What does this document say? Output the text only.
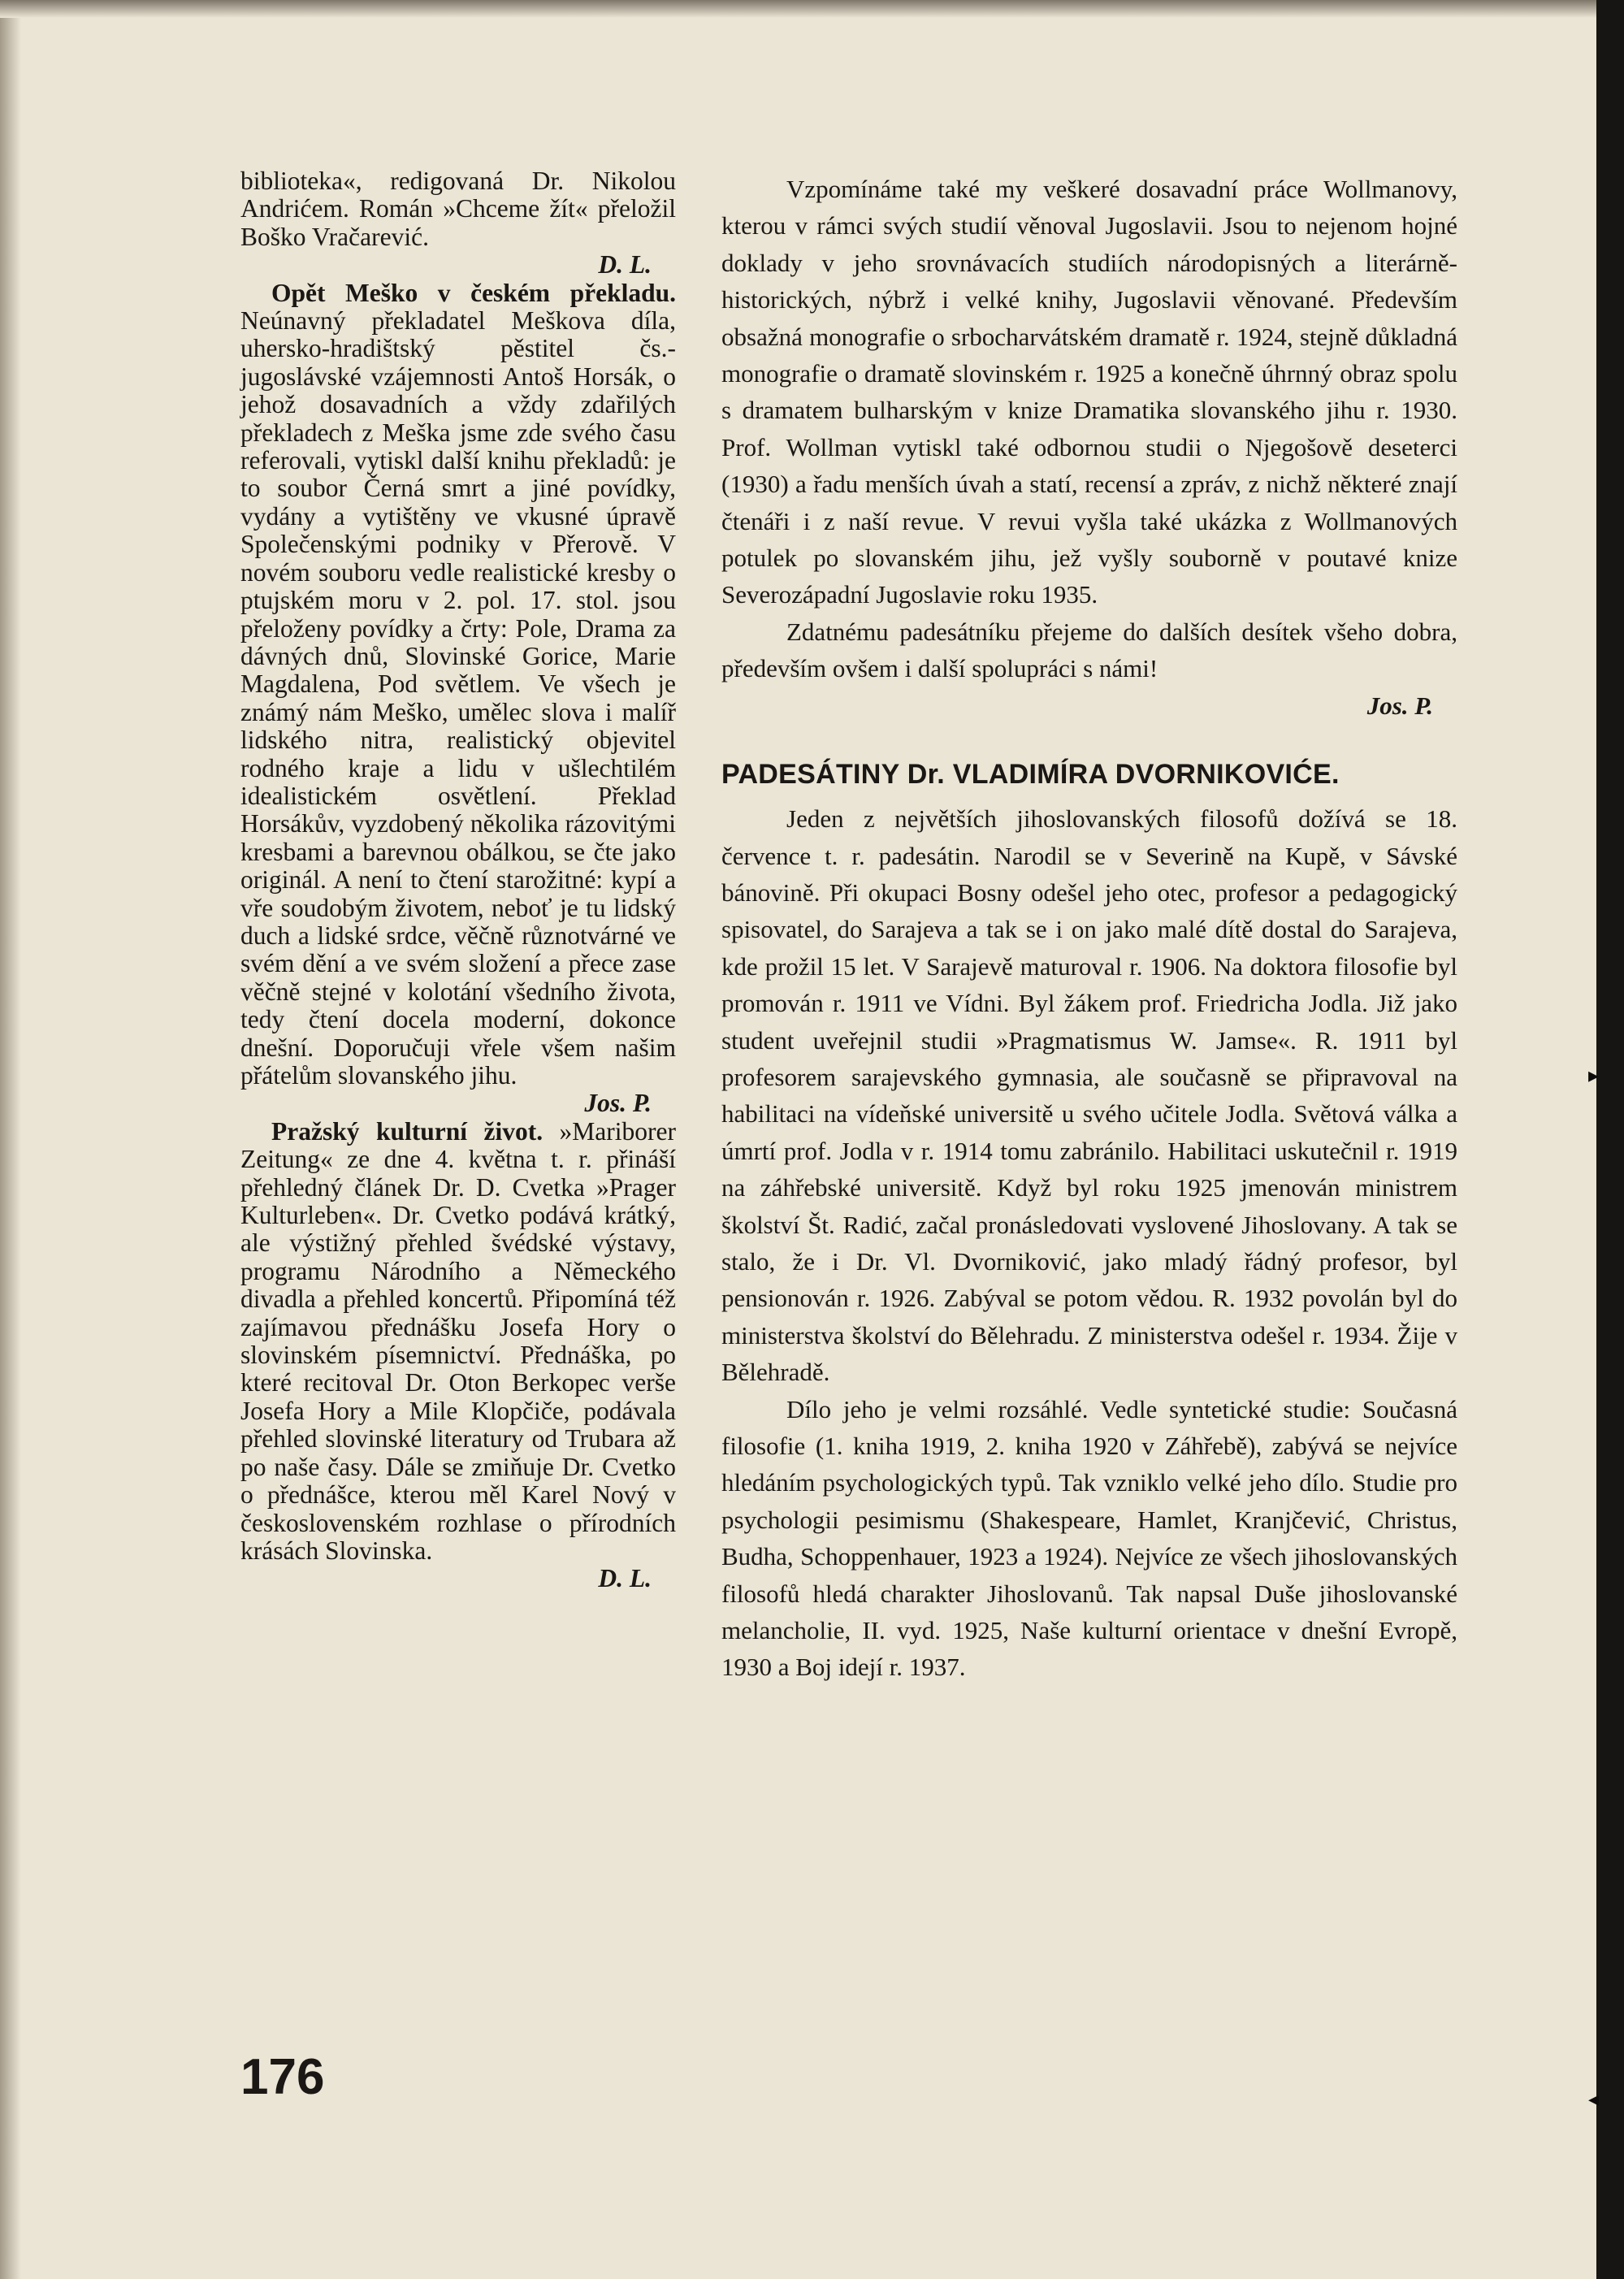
▸
◂

biblioteka«, redigovaná Dr. Nikolou Andrićem. Román »Chceme žít« přeložil Boško Vračarević.

D. L.

Opět Meško v českém překladu. Neúnavný překladatel Meškova díla, uhersko-hradištský pěstitel čs.-jugoslávské vzájemnosti Antoš Horsák, o jehož dosavadních a vždy zdařilých překladech z Meška jsme zde svého času referovali, vytiskl další knihu překladů: je to soubor Černá smrt a jiné povídky, vydány a vytištěny ve vkusné úpravě Společenskými podniky v Přerově. V novém souboru vedle realistické kresby o ptujském moru v 2. pol. 17. stol. jsou přeloženy povídky a črty: Pole, Drama za dávných dnů, Slovinské Gorice, Marie Magdalena, Pod světlem. Ve všech je známý nám Meško, umělec slova i malíř lidského nitra, realistický objevitel rodného kraje a lidu v ušlechtilém idealistickém osvětlení. Překlad Horsákův, vyzdobený několika rázovitými kresbami a barevnou obálkou, se čte jako originál. A není to čtení starožitné: kypí a vře soudobým životem, neboť je tu lidský duch a lidské srdce, věčně různotvárné ve svém dění a ve svém složení a přece zase věčně stejné v kolotání všedního života, tedy čtení docela moderní, dokonce dnešní. Doporučuji vřele všem našim přátelům slovanského jihu.

Jos. P.

Pražský kulturní život. »Mariborer Zeitung« ze dne 4. května t. r. přináší přehledný článek Dr. D. Cvetka »Prager Kulturleben«. Dr. Cvetko podává krátký, ale výstižný přehled švédské výstavy, programu Národního a Německého divadla a přehled koncertů. Připomíná též zajímavou přednášku Josefa Hory o slovinském písemnictví. Přednáška, po které recitoval Dr. Oton Berkopec verše Josefa Hory a Mile Klopčiče, podávala přehled slovinské literatury od Trubara až po naše časy. Dále se zmiňuje Dr. Cvetko o přednášce, kterou měl Karel Nový v československém rozhlase o přírodních krásách Slovinska.

D. L.

Vzpomínáme také my veškeré dosavadní práce Wollmanovy, kterou v rámci svých studií věnoval Jugoslavii. Jsou to nejenom hojné doklady v jeho srovnávacích studiích národopisných a literárně-historických, nýbrž i velké knihy, Jugoslavii věnované. Především obsažná monografie o srbocharvátském dramatě r. 1924, stejně důkladná monografie o dramatě slovinském r. 1925 a konečně úhrnný obraz spolu s dramatem bulharským v knize Dramatika slovanského jihu r. 1930. Prof. Wollman vytiskl také odbornou studii o Njegošově deseterci (1930) a řadu menších úvah a statí, recensí a zpráv, z nichž některé znají čtenáři i z naší revue. V revui vyšla také ukázka z Wollmanových potulek po slovanském jihu, jež vyšly souborně v poutavé knize Severozápadní Jugoslavie roku 1935.

Zdatnému padesátníku přejeme do dalších desítek všeho dobra, především ovšem i další spolupráci s námi!

Jos. P.

PADESÁTINY Dr. VLADIMÍRA DVORNIKOVIĆE.

Jeden z největších jihoslovanských filosofů dožívá se 18. července t. r. padesátin. Narodil se v Severině na Kupě, v Sávské bánovině. Při okupaci Bosny odešel jeho otec, profesor a pedagogický spisovatel, do Sarajeva a tak se i on jako malé dítě dostal do Sarajeva, kde prožil 15 let. V Sarajevě maturoval r. 1906. Na doktora filosofie byl promován r. 1911 ve Vídni. Byl žákem prof. Friedricha Jodla. Již jako student uveřejnil studii »Pragmatismus W. Jamse«. R. 1911 byl profesorem sarajevského gymnasia, ale současně se připravoval na habilitaci na vídeňské universitě u svého učitele Jodla. Světová válka a úmrtí prof. Jodla v r. 1914 tomu zabránilo. Habilitaci uskutečnil r. 1919 na záhřebské universitě. Když byl roku 1925 jmenován ministrem školství Št. Radić, začal pronásledovati vyslovené Jihoslovany. A tak se stalo, že i Dr. Vl. Dvorniković, jako mladý řádný profesor, byl pensionován r. 1926. Zabýval se potom vědou. R. 1932 povolán byl do ministerstva školství do Bělehradu. Z ministerstva odešel r. 1934. Žije v Bělehradě.

Dílo jeho je velmi rozsáhlé. Vedle syntetické studie: Současná filosofie (1. kniha 1919, 2. kniha 1920 v Záhřebě), zabývá se nejvíce hledáním psychologických typů. Tak vzniklo velké jeho dílo. Studie pro psychologii pesimismu (Shakespeare, Hamlet, Kranjčević, Christus, Budha, Schoppenhauer, 1923 a 1924). Nejvíce ze všech jihoslovanských filosofů hledá charakter Jihoslovanů. Tak napsal Duše jihoslovanské melancholie, II. vyd. 1925, Naše kulturní orientace v dnešní Evropě, 1930 a Boj idejí r. 1937.

176
